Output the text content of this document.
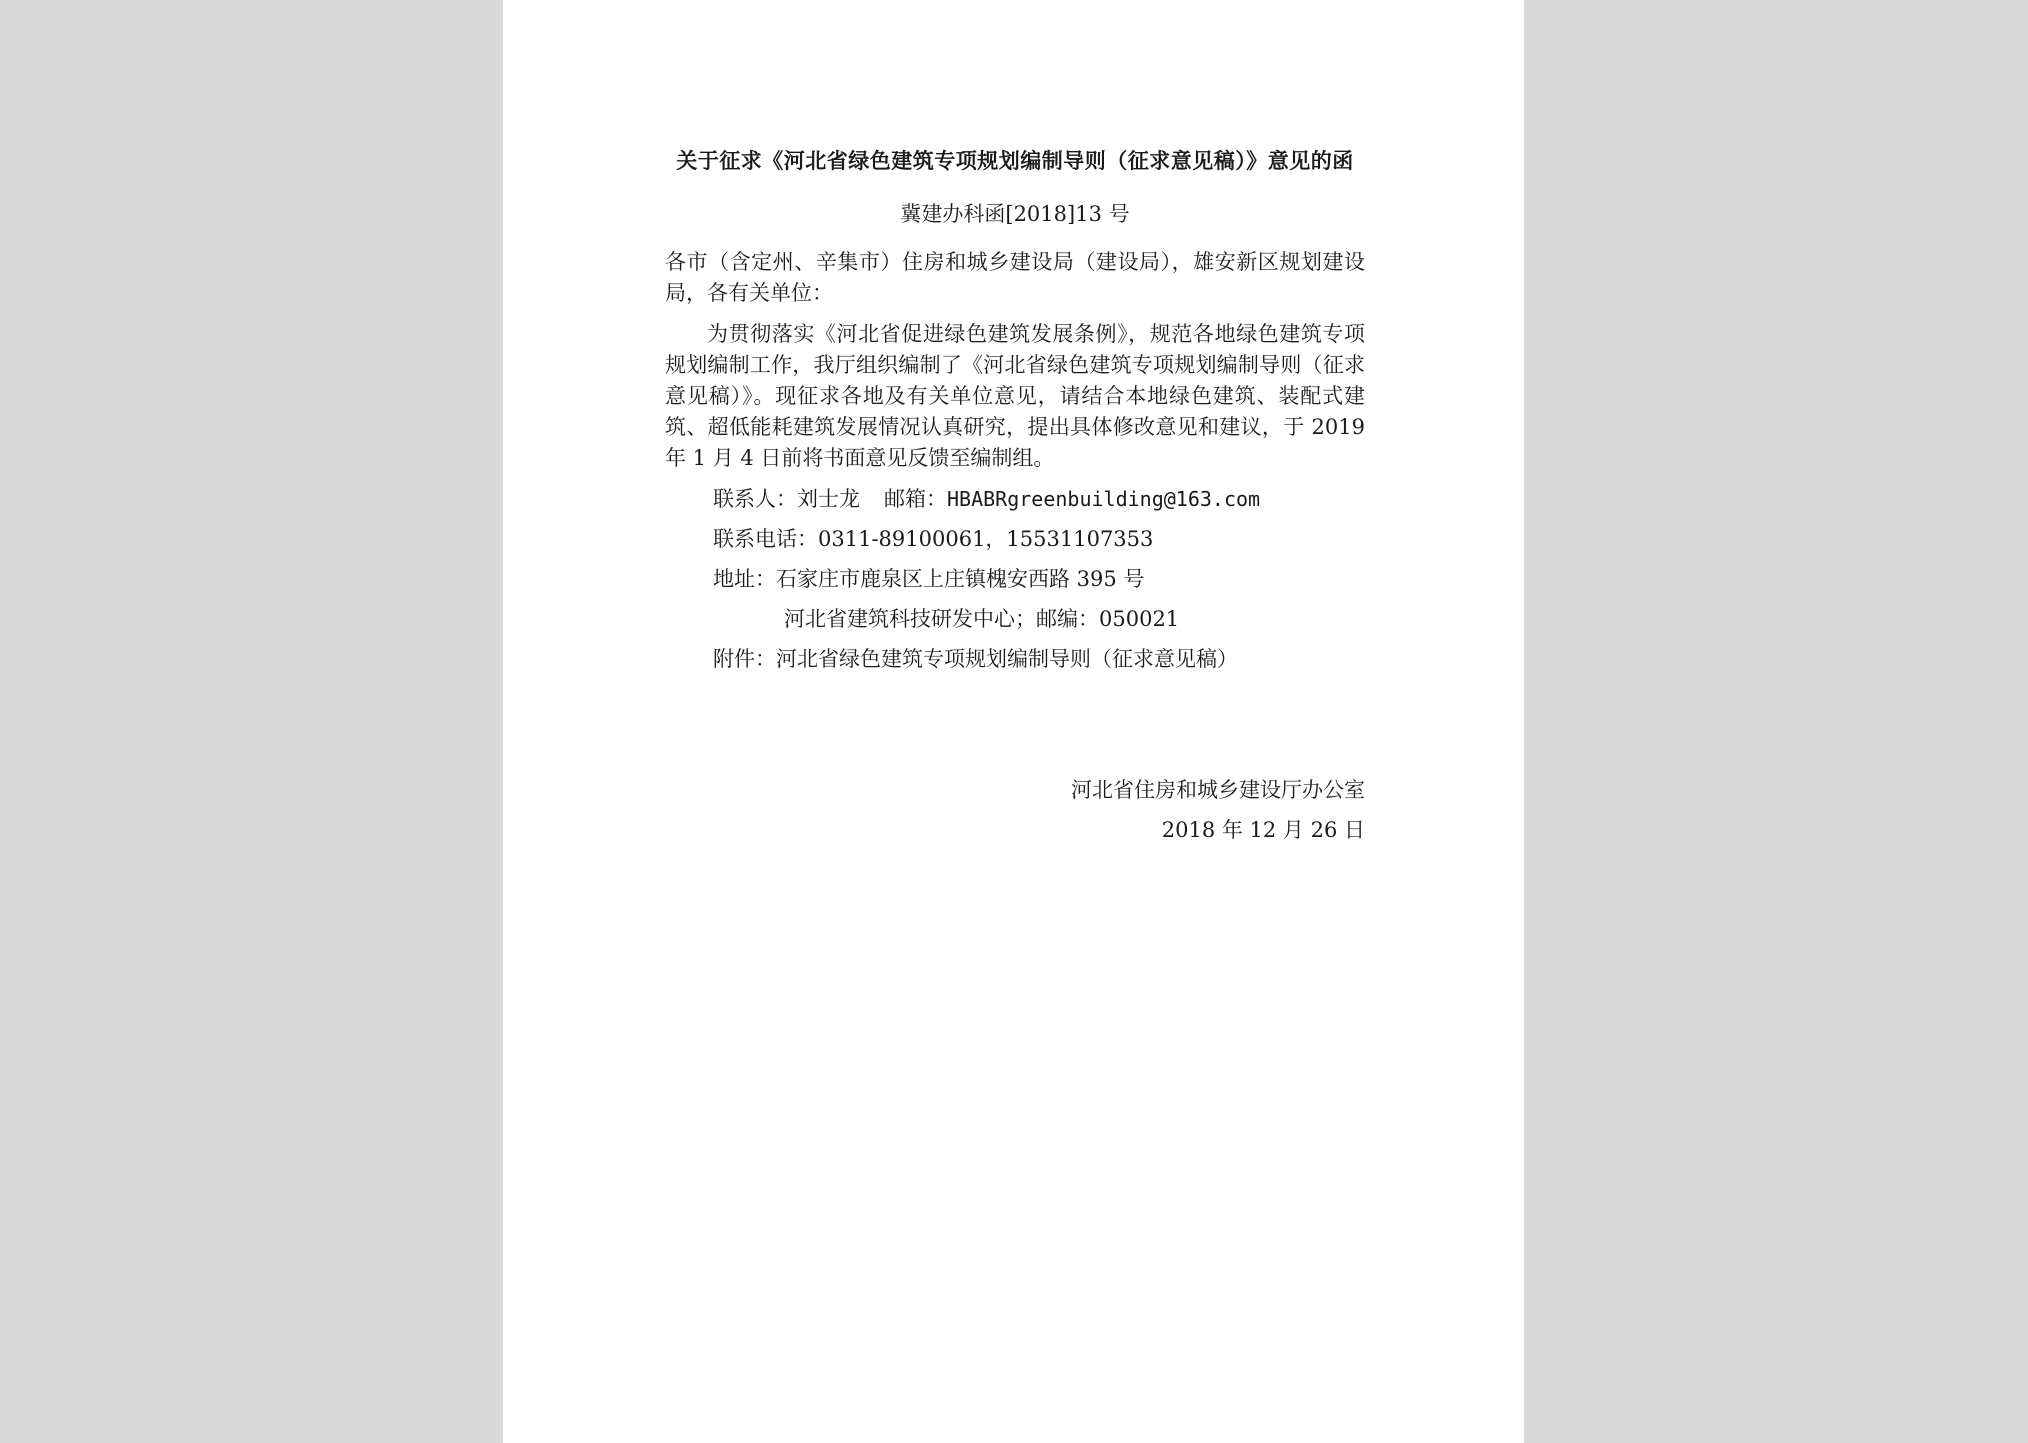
关于征求《河北省绿色建筑专项规划编制导则（征求意见稿）》意见的函
冀建办科函[2018]13 号

各市（含定州、辛集市）住房和城乡建设局（建设局），雄安新区规划建设局，各有关单位：

为贯彻落实《河北省促进绿色建筑发展条例》，规范各地绿色建筑专项规划编制工作，我厅组织编制了《河北省绿色建筑专项规划编制导则（征求意见稿）》。现征求各地及有关单位意见，请结合本地绿色建筑、装配式建筑、超低能耗建筑发展情况认真研究，提出具体修改意见和建议，于 2019 年 1 月 4 日前将书面意见反馈至编制组。

联系人：刘士龙 邮箱：HBABRgreenbuilding@163.com
联系电话：0311-89100061，15531107353
地址：石家庄市鹿泉区上庄镇槐安西路 395 号
河北省建筑科技研发中心；邮编：050021
附件：河北省绿色建筑专项规划编制导则（征求意见稿）
河北省住房和城乡建设厅办公室
2018 年 12 月 26 日
